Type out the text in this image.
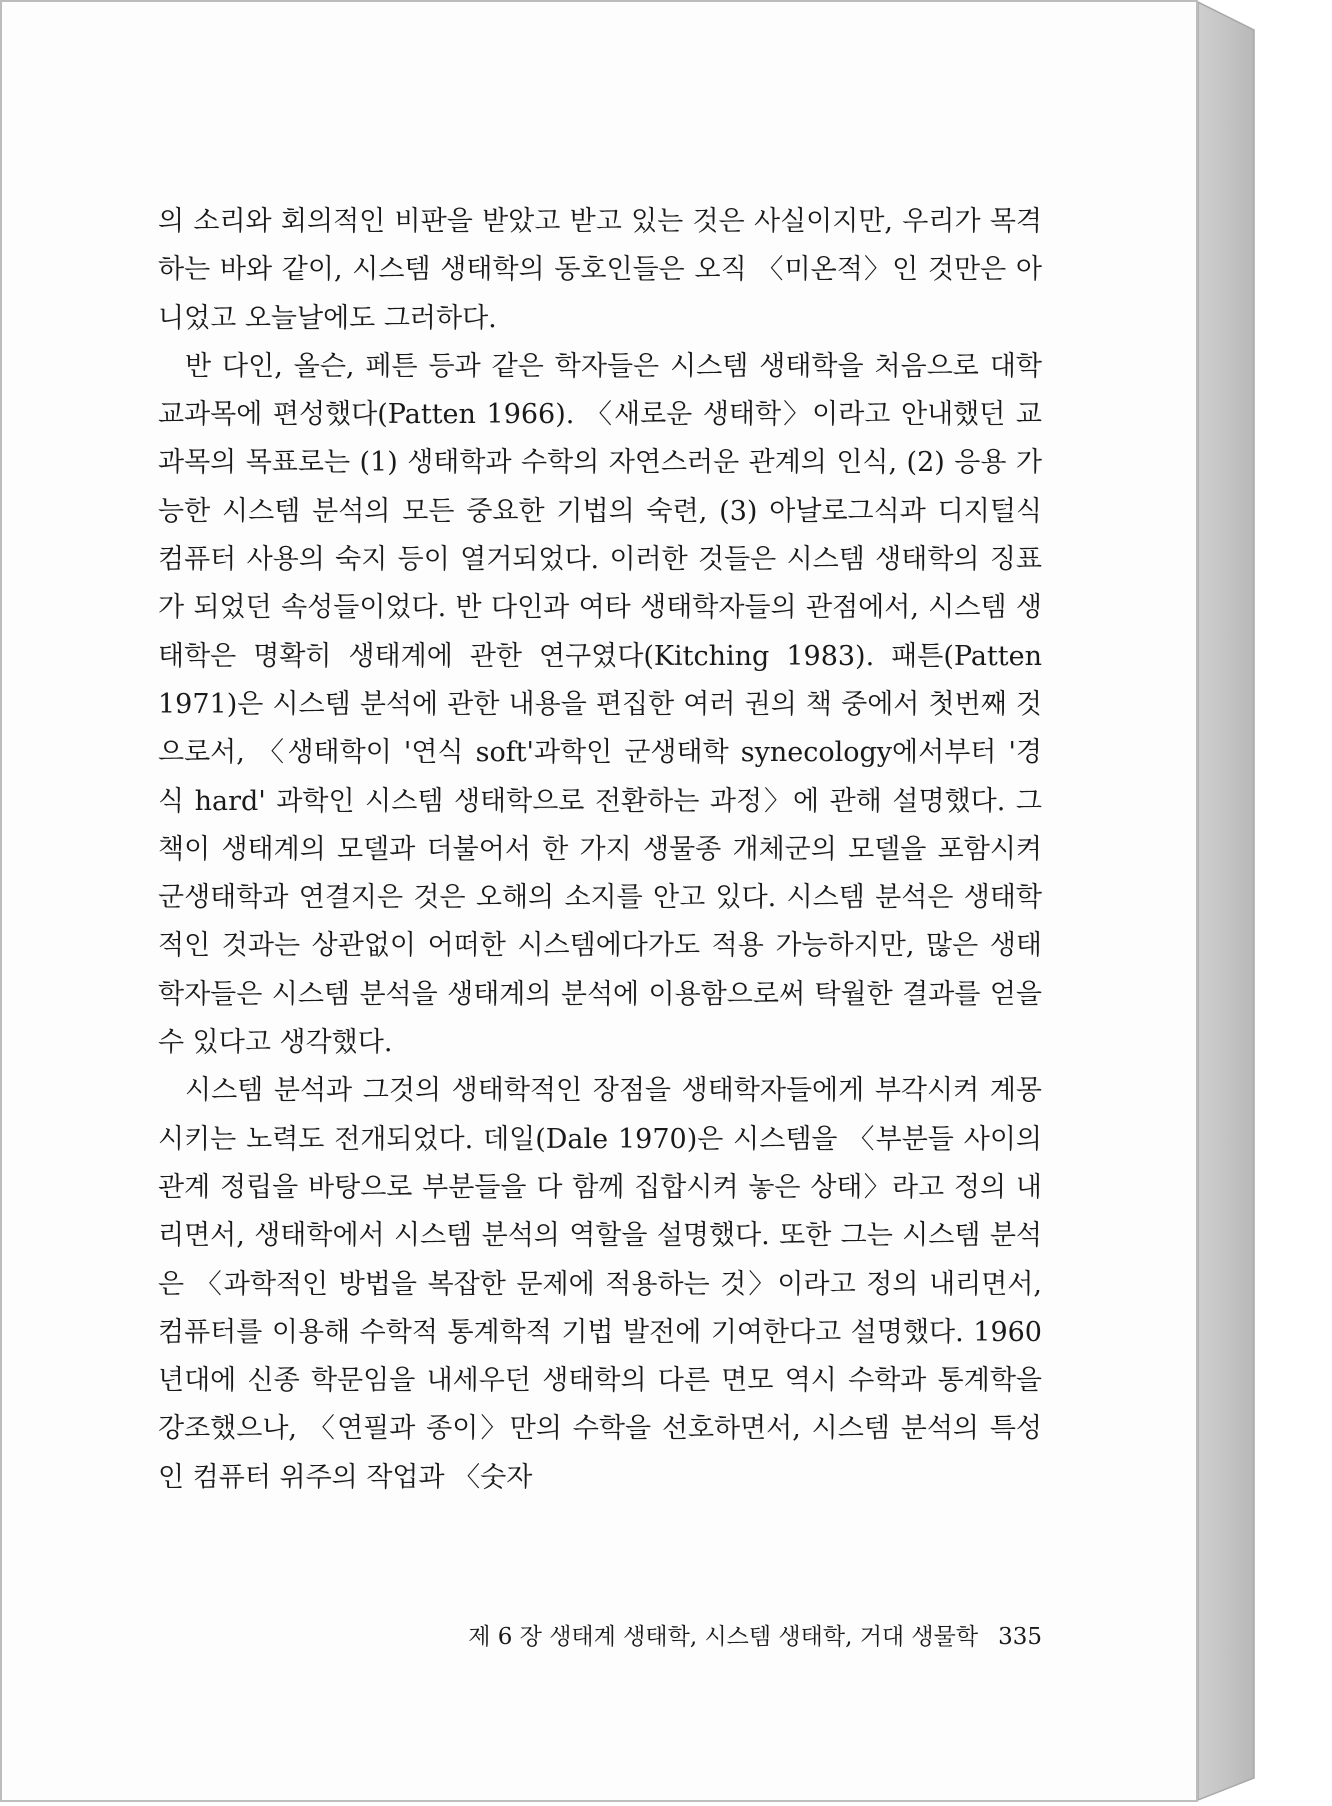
의 소리와 회의적인 비판을 받았고 받고 있는 것은 사실이지만, 우리가 목격하는 바와 같이, 시스템 생태학의 동호인들은 오직 〈미온적〉인 것만은 아니었고 오늘날에도 그러하다.

반 다인, 올슨, 페튼 등과 같은 학자들은 시스템 생태학을 처음으로 대학 교과목에 편성했다(Patten 1966). 〈새로운 생태학〉이라고 안내했던 교과목의 목표로는 (1) 생태학과 수학의 자연스러운 관계의 인식, (2) 응용 가능한 시스템 분석의 모든 중요한 기법의 숙련, (3) 아날로그식과 디지털식 컴퓨터 사용의 숙지 등이 열거되었다. 이러한 것들은 시스템 생태학의 징표가 되었던 속성들이었다. 반 다인과 여타 생태학자들의 관점에서, 시스템 생태학은 명확히 생태계에 관한 연구였다(Kitching 1983). 패튼(Patten 1971)은 시스템 분석에 관한 내용을 편집한 여러 권의 책 중에서 첫번째 것으로서, 〈생태학이 '연식 soft'과학인 군생태학 synecology에서부터 '경식 hard' 과학인 시스템 생태학으로 전환하는 과정〉에 관해 설명했다. 그 책이 생태계의 모델과 더불어서 한 가지 생물종 개체군의 모델을 포함시켜 군생태학과 연결지은 것은 오해의 소지를 안고 있다. 시스템 분석은 생태학적인 것과는 상관없이 어떠한 시스템에다가도 적용 가능하지만, 많은 생태학자들은 시스템 분석을 생태계의 분석에 이용함으로써 탁월한 결과를 얻을 수 있다고 생각했다.

시스템 분석과 그것의 생태학적인 장점을 생태학자들에게 부각시켜 계몽시키는 노력도 전개되었다. 데일(Dale 1970)은 시스템을 〈부분들 사이의 관계 정립을 바탕으로 부분들을 다 함께 집합시켜 놓은 상태〉라고 정의 내리면서, 생태학에서 시스템 분석의 역할을 설명했다. 또한 그는 시스템 분석은 〈과학적인 방법을 복잡한 문제에 적용하는 것〉이라고 정의 내리면서, 컴퓨터를 이용해 수학적 통계학적 기법 발전에 기여한다고 설명했다. 1960년대에 신종 학문임을 내세우던 생태학의 다른 면모 역시 수학과 통계학을 강조했으나, 〈연필과 종이〉만의 수학을 선호하면서, 시스템 분석의 특성인 컴퓨터 위주의 작업과 〈숫자

제 6 장 생태계 생태학, 시스템 생태학, 거대 생물학 335
